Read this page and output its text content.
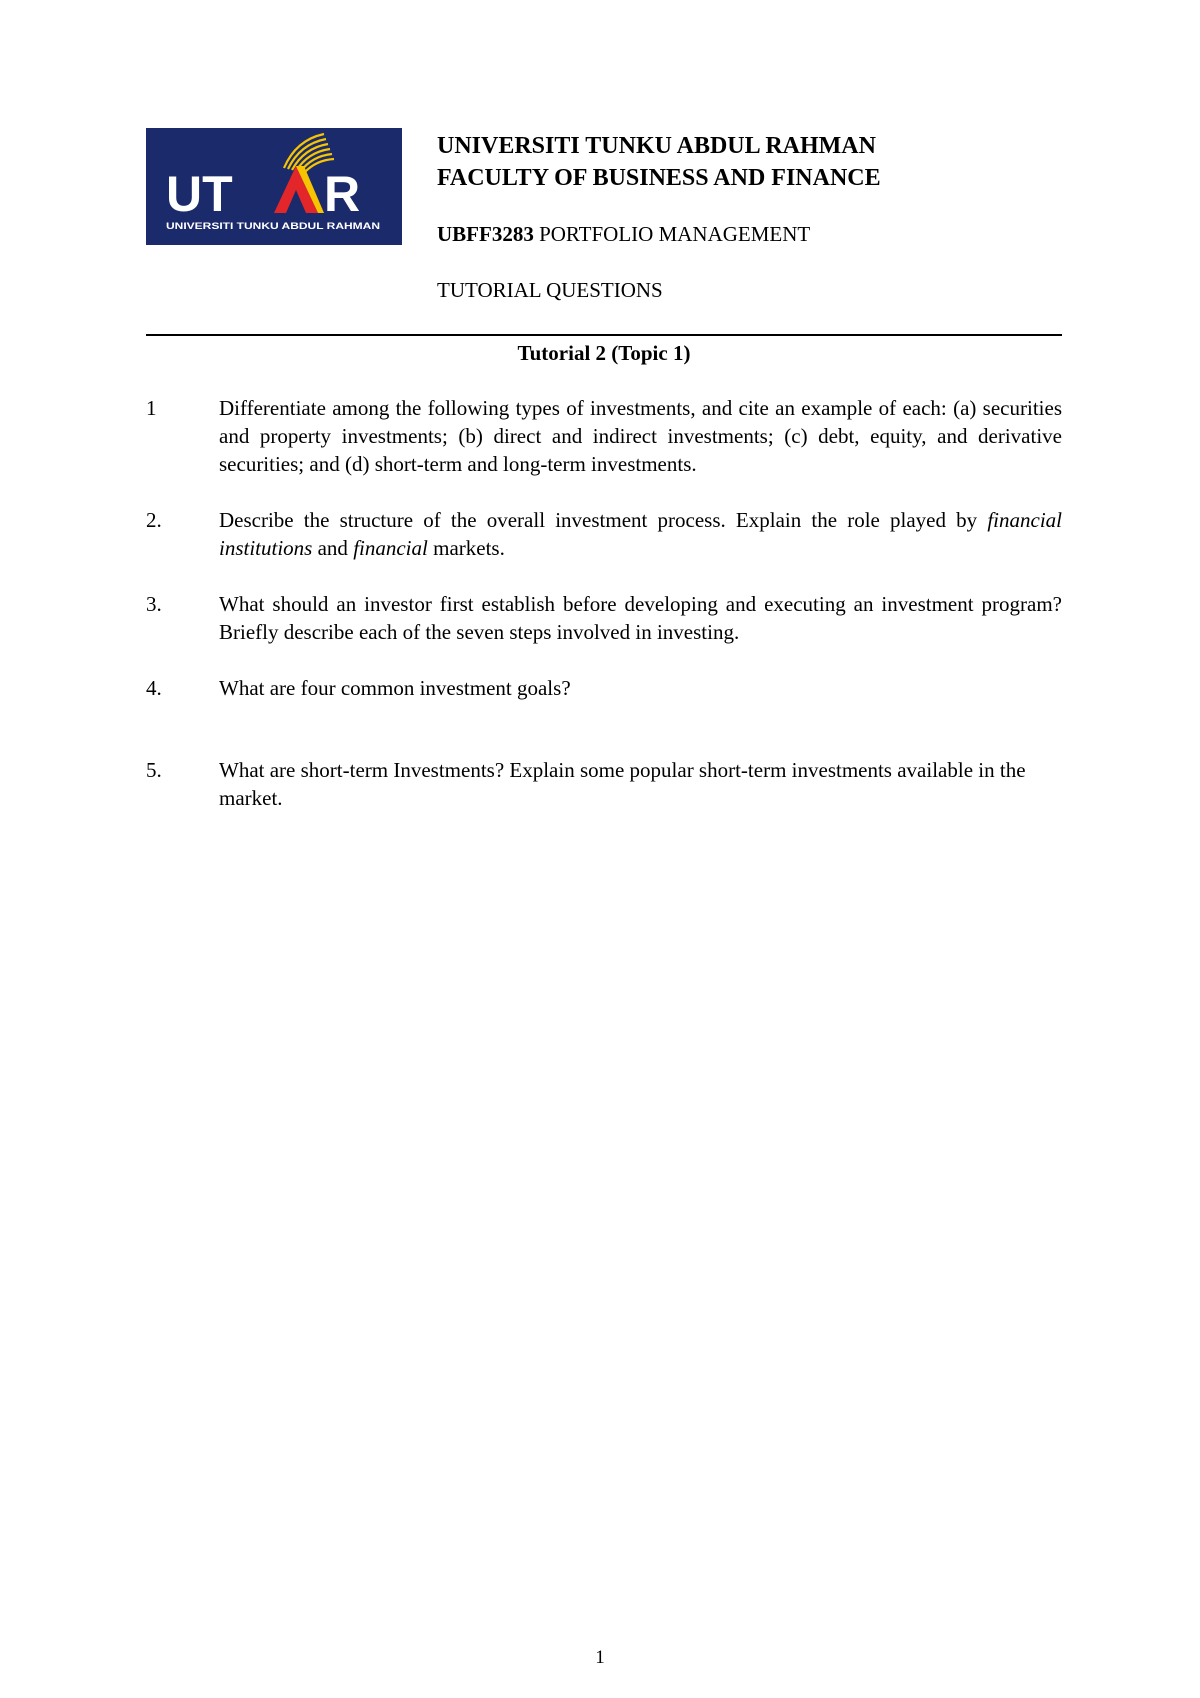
UT R
UNIVERSITI TUNKU ABDUL RAHMAN

UNIVERSITI TUNKU ABDUL RAHMAN

FACULTY OF BUSINESS AND FINANCE

UBFF3283 PORTFOLIO MANAGEMENT
TUTORIAL QUESTIONS
Tutorial 2 (Topic 1)
1	Differentiate among the following types of investments, and cite an example of each: (a) securities and property investments; (b) direct and indirect investments; (c) debt, equity, and derivative securities; and (d) short-term and long-term investments.
2.	Describe the structure of the overall investment process. Explain the role played by financial institutions and financial markets.
3.	What should an investor first establish before developing and executing an investment program? Briefly describe each of the seven steps involved in investing.
4.	What are four common investment goals?
5.	What are short-term Investments? Explain some popular short-term investments available in the market.
1
